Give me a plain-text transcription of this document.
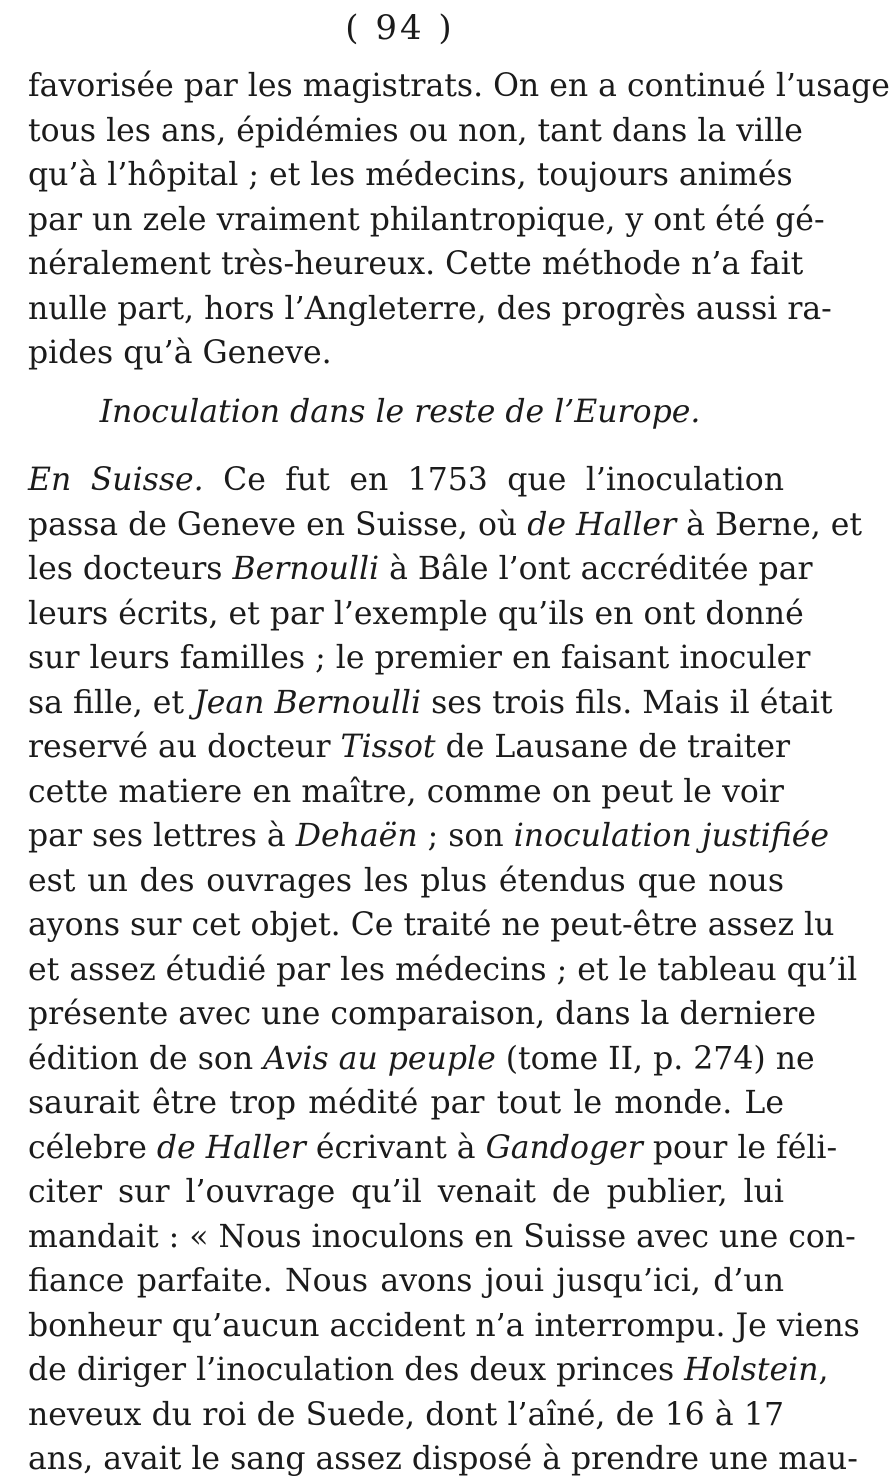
( 94 )
favorisée par les magistrats. On en a continué l’usage
tous les ans, épidémies ou non, tant dans la ville
qu’à l’hôpital ; et les médecins, toujours animés
par un zele vraiment philantropique, y ont été gé-
néralement très-heureux. Cette méthode n’a fait
nulle part, hors l’Angleterre, des progrès aussi ra-
pides qu’à Geneve.
Inoculation dans le reste de l’Europe.
En Suisse. Ce fut en 1753 que l’inoculation
passa de Geneve en Suisse, où de Haller à Berne, et
les docteurs Bernoulli à Bâle l’ont accréditée par
leurs écrits, et par l’exemple qu’ils en ont donné
sur leurs familles ; le premier en faisant inoculer
sa fille, et Jean Bernoulli ses trois fils. Mais il était
reservé au docteur Tissot de Lausane de traiter
cette matiere en maître, comme on peut le voir
par ses lettres à Dehaën ; son inoculation justifiée
est un des ouvrages les plus étendus que nous
ayons sur cet objet. Ce traité ne peut-être assez lu
et assez étudié par les médecins ; et le tableau qu’il
présente avec une comparaison, dans la derniere
édition de son Avis au peuple (tome II, p. 274) ne
saurait être trop médité par tout le monde. Le
célebre de Haller écrivant à Gandoger pour le féli-
citer sur l’ouvrage qu’il venait de publier, lui
mandait : « Nous inoculons en Suisse avec une con-
fiance parfaite. Nous avons joui jusqu’ici, d’un
bonheur qu’aucun accident n’a interrompu. Je viens
de diriger l’inoculation des deux princes Holstein,
neveux du roi de Suede, dont l’aîné, de 16 à 17
ans, avait le sang assez disposé à prendre une mau-
